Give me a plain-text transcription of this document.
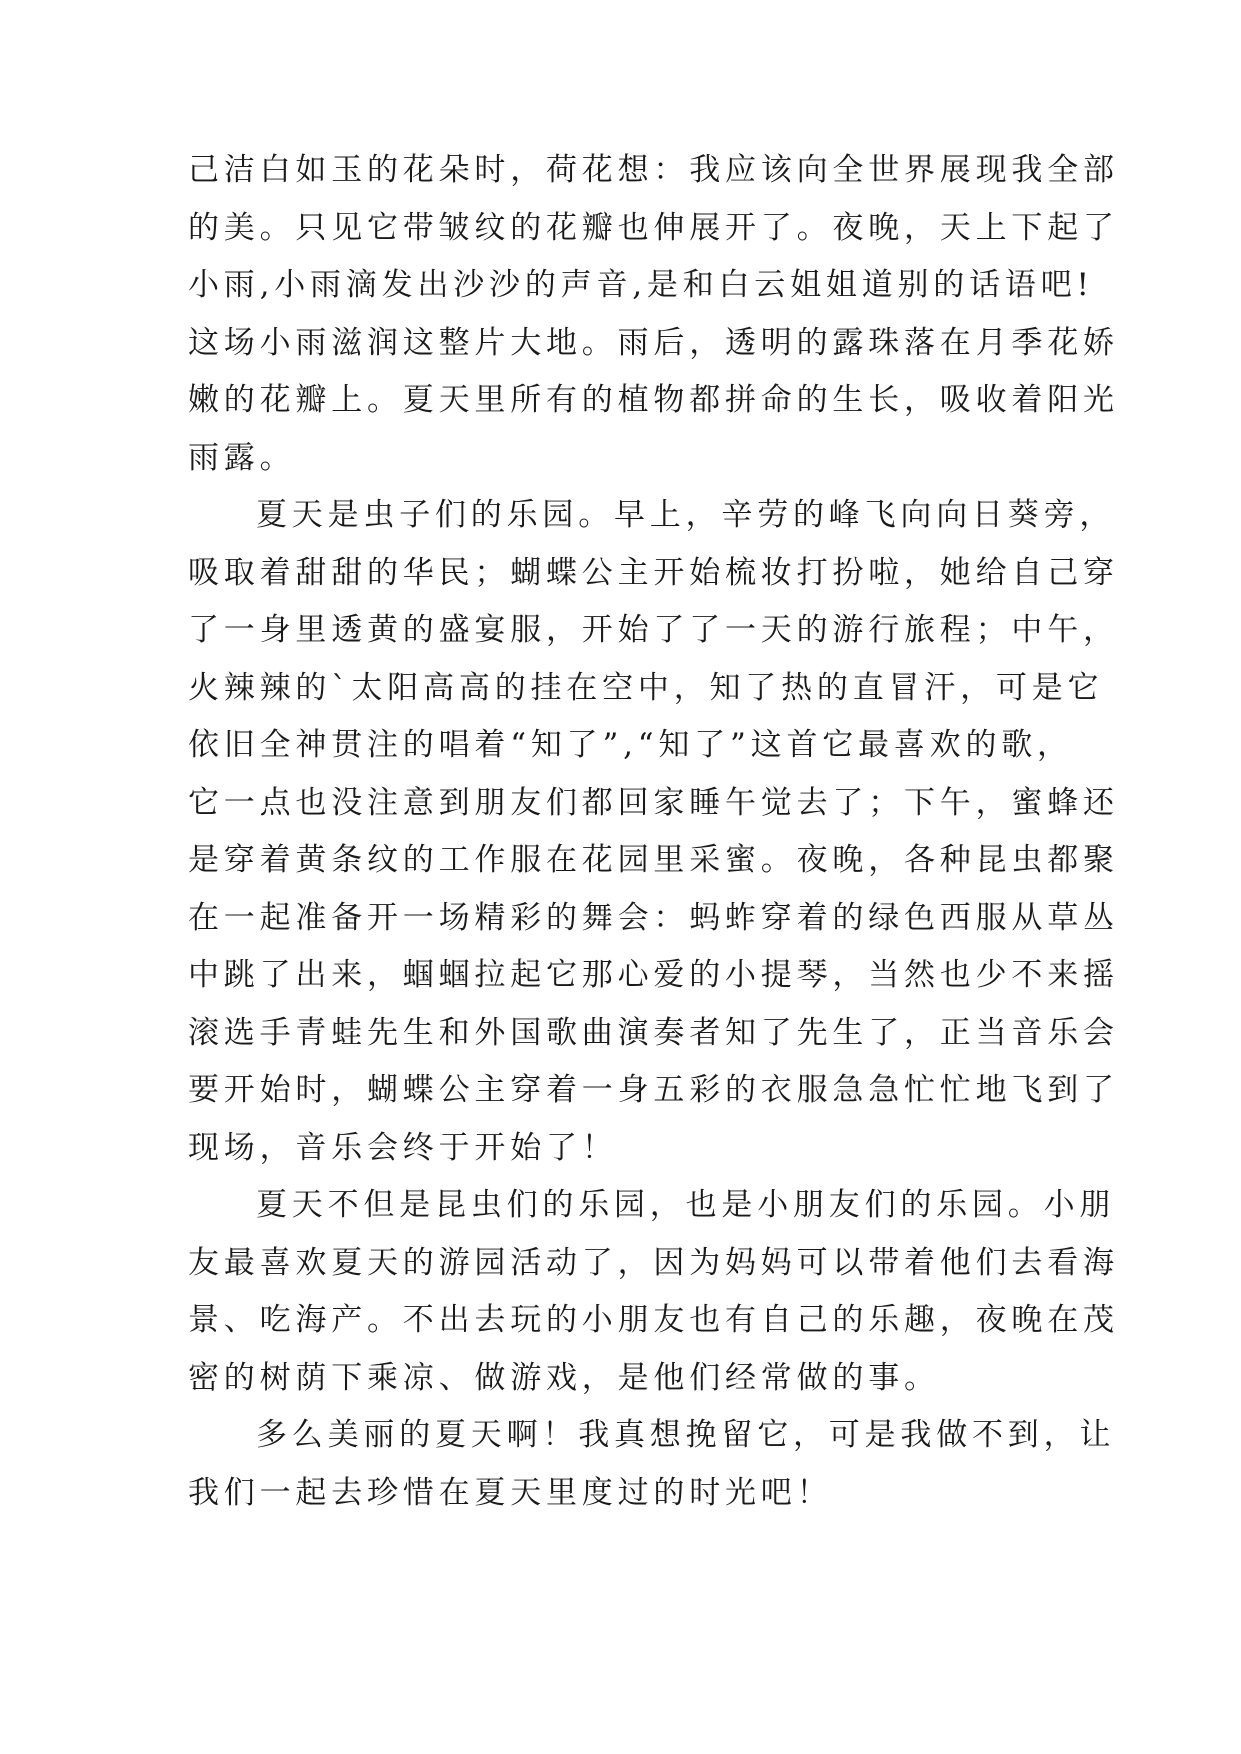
己洁白如玉的花朵时，荷花想：我应该向全世界展现我全部
的美。只见它带皱纹的花瓣也伸展开了。夜晚，天上下起了
小雨,小雨滴发出沙沙的声音,是和白云姐姐道别的话语吧!
这场小雨滋润这整片大地。雨后，透明的露珠落在月季花娇
嫩的花瓣上。夏天里所有的植物都拼命的生长，吸收着阳光
雨露。
夏天是虫子们的乐园。早上，辛劳的峰飞向向日葵旁，
吸取着甜甜的华民；蝴蝶公主开始梳妆打扮啦，她给自己穿
了一身里透黄的盛宴服，开始了了一天的游行旅程；中午，
火辣辣的`太阳高高的挂在空中，知了热的直冒汗，可是它
依旧全神贯注的唱着“知了”,“知了”这首它最喜欢的歌，
它一点也没注意到朋友们都回家睡午觉去了；下午，蜜蜂还
是穿着黄条纹的工作服在花园里采蜜。夜晚，各种昆虫都聚
在一起准备开一场精彩的舞会：蚂蚱穿着的绿色西服从草丛
中跳了出来，蝈蝈拉起它那心爱的小提琴，当然也少不来摇
滚选手青蛙先生和外国歌曲演奏者知了先生了，正当音乐会
要开始时，蝴蝶公主穿着一身五彩的衣服急急忙忙地飞到了
现场，音乐会终于开始了！
夏天不但是昆虫们的乐园，也是小朋友们的乐园。小朋
友最喜欢夏天的游园活动了，因为妈妈可以带着他们去看海
景、吃海产。不出去玩的小朋友也有自己的乐趣，夜晚在茂
密的树荫下乘凉、做游戏，是他们经常做的事。
多么美丽的夏天啊！我真想挽留它，可是我做不到，让
我们一起去珍惜在夏天里度过的时光吧！
